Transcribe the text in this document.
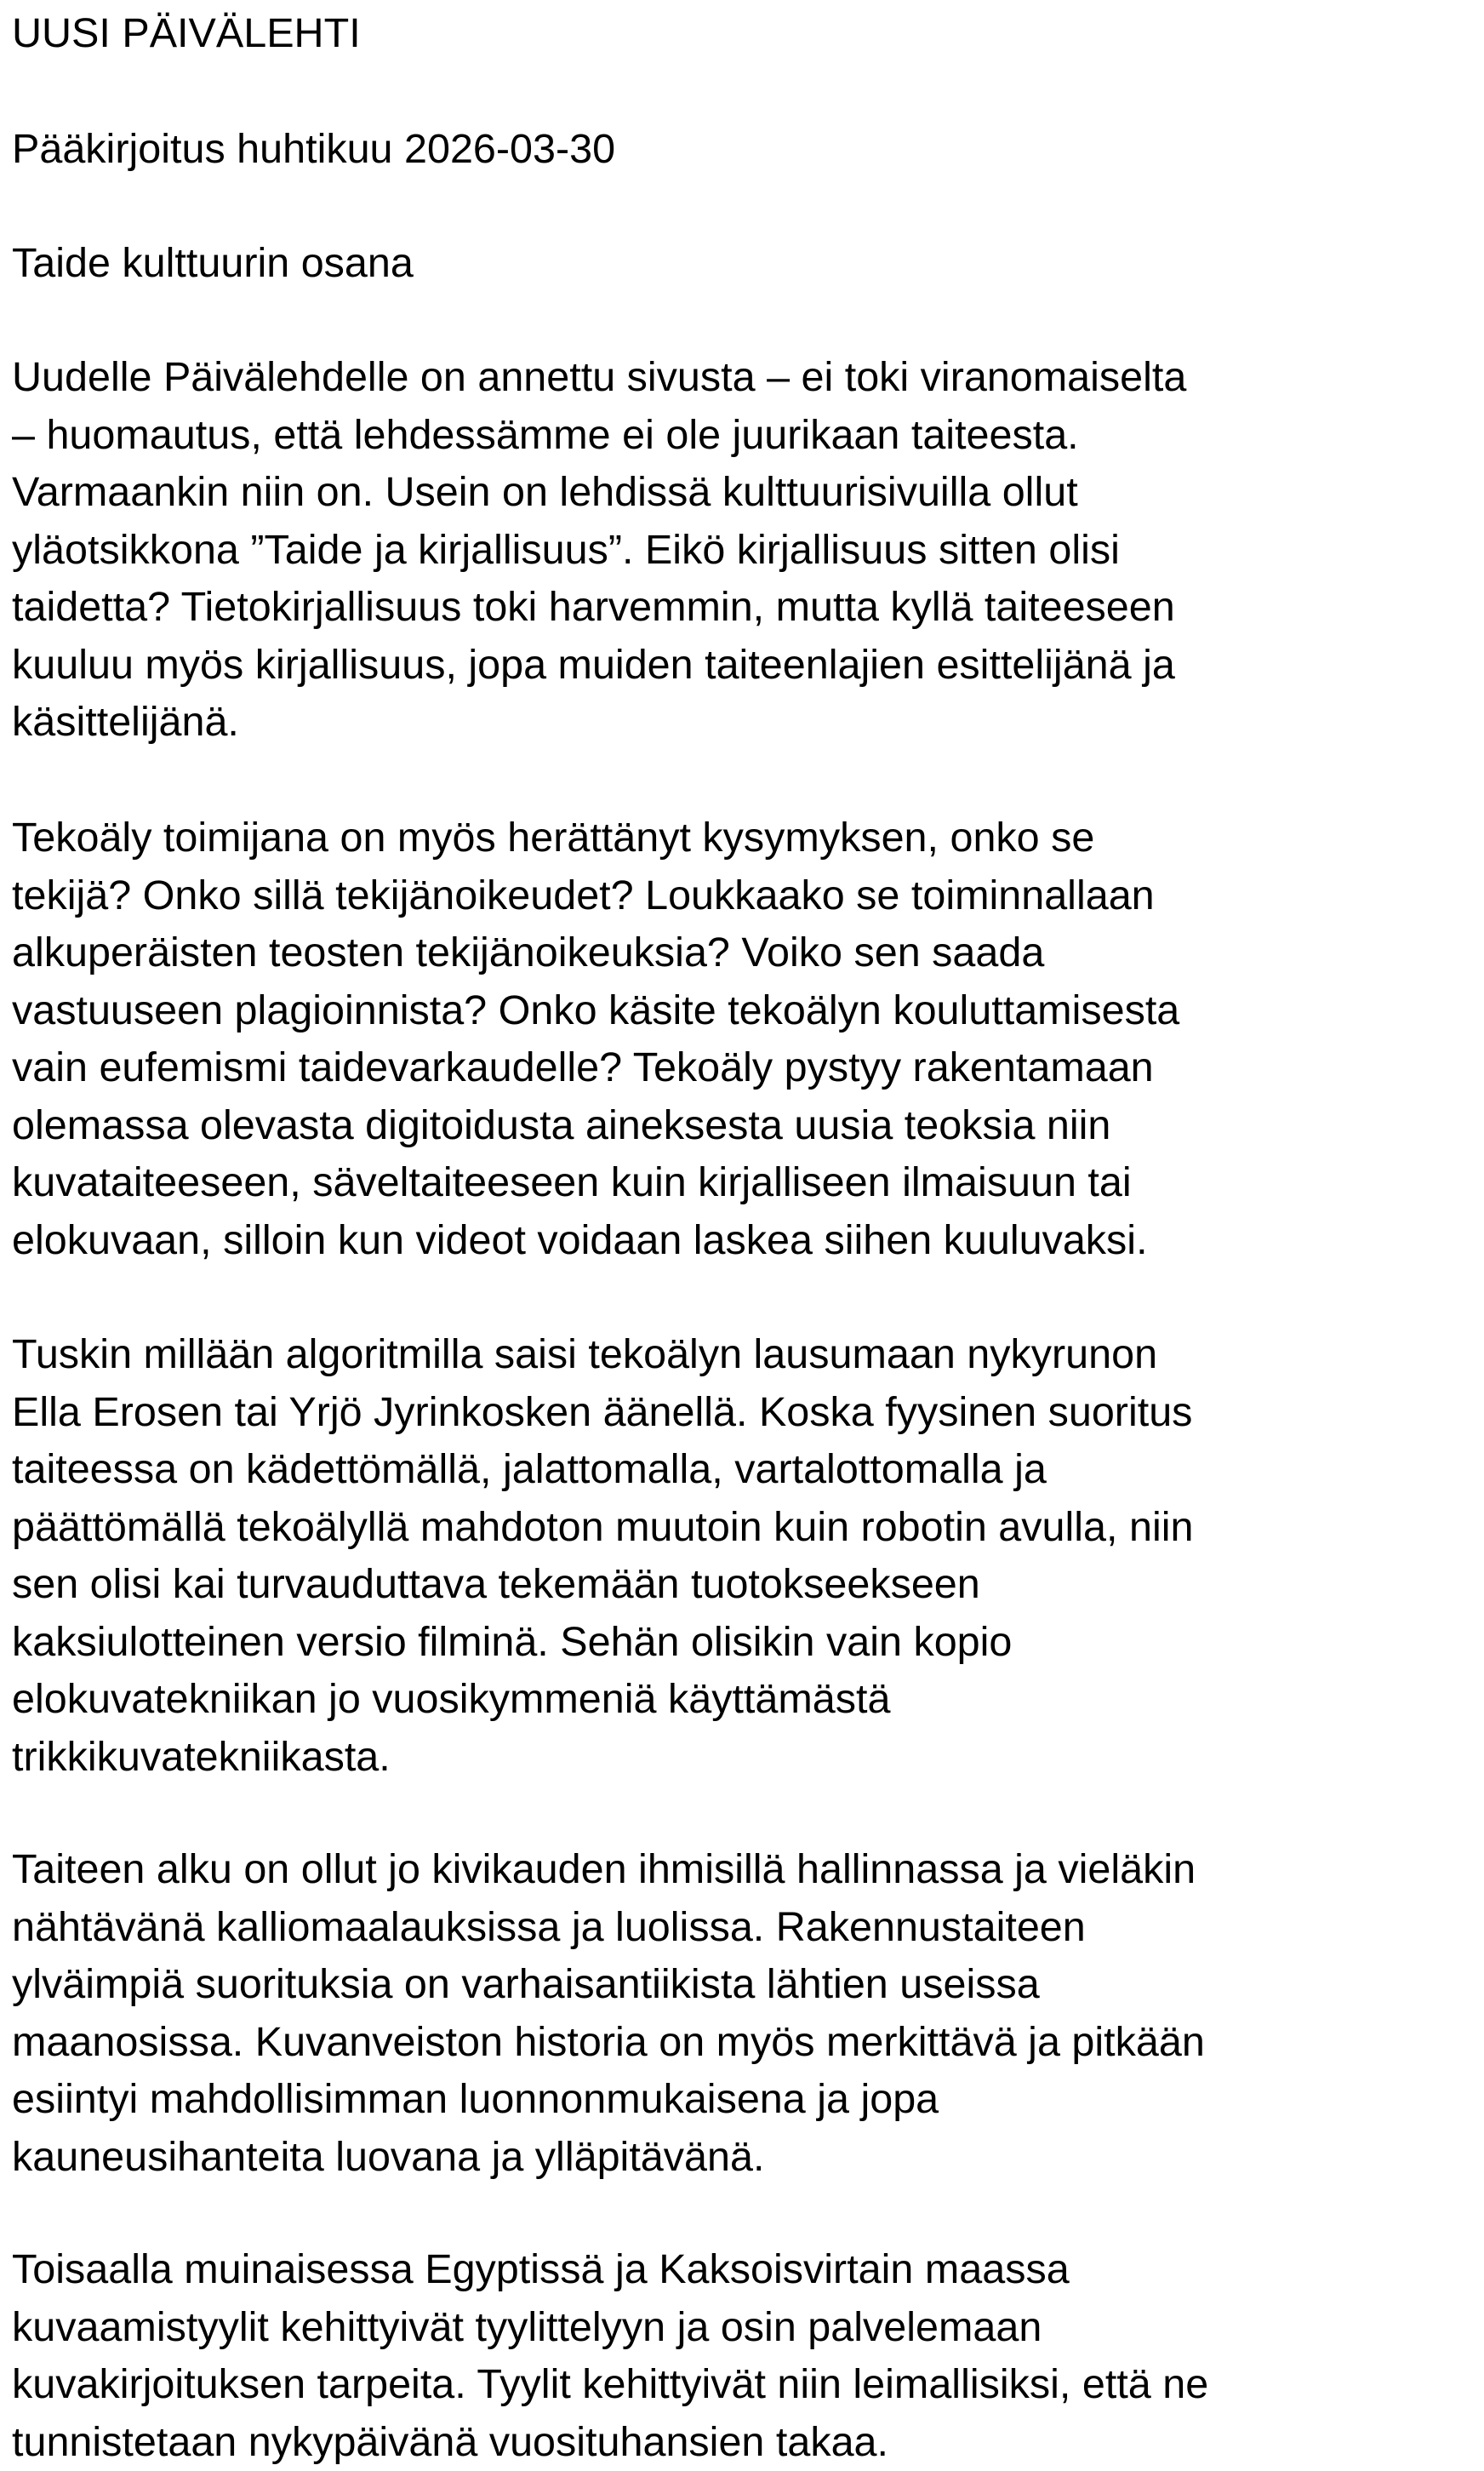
UUSI PÄIVÄLEHTI
Pääkirjoitus huhtikuu 2026-03-30
Taide kulttuurin osana
Uudelle Päivälehdelle on annettu sivusta – ei toki viranomaiselta
– huomautus, että lehdessämme ei ole juurikaan taiteesta.
Varmaankin niin on. Usein on lehdissä kulttuurisivuilla ollut
yläotsikkona ”Taide ja kirjallisuus”. Eikö kirjallisuus sitten olisi
taidetta? Tietokirjallisuus toki harvemmin, mutta kyllä taiteeseen
kuuluu myös kirjallisuus, jopa muiden taiteenlajien esittelijänä ja
käsittelijänä.
Tekoäly toimijana on myös herättänyt kysymyksen, onko se
tekijä? Onko sillä tekijänoikeudet? Loukkaako se toiminnallaan
alkuperäisten teosten tekijänoikeuksia? Voiko sen saada
vastuuseen plagioinnista? Onko käsite tekoälyn kouluttamisesta
vain eufemismi taidevarkaudelle? Tekoäly pystyy rakentamaan
olemassa olevasta digitoidusta aineksesta uusia teoksia niin
kuvataiteeseen, säveltaiteeseen kuin kirjalliseen ilmaisuun tai
elokuvaan, silloin kun videot voidaan laskea siihen kuuluvaksi.
Tuskin millään algoritmilla saisi tekoälyn lausumaan nykyrunon
Ella Erosen tai Yrjö Jyrinkosken äänellä. Koska fyysinen suoritus
taiteessa on kädettömällä, jalattomalla, vartalottomalla ja
päättömällä tekoälyllä mahdoton muutoin kuin robotin avulla, niin
sen olisi kai turvauduttava tekemään tuotokseekseen
kaksiulotteinen versio filminä. Sehän olisikin vain kopio
elokuvatekniikan jo vuosikymmeniä käyttämästä
trikkikuvatekniikasta.
Taiteen alku on ollut jo kivikauden ihmisillä hallinnassa ja vieläkin
nähtävänä kalliomaalauksissa ja luolissa. Rakennustaiteen
ylväimpiä suorituksia on varhaisantiikista lähtien useissa
maanosissa. Kuvanveiston historia on myös merkittävä ja pitkään
esiintyi mahdollisimman luonnonmukaisena ja jopa
kauneusihanteita luovana ja ylläpitävänä.
Toisaalla muinaisessa Egyptissä ja Kaksoisvirtain maassa
kuvaamistyylit kehittyivät tyylittelyyn ja osin palvelemaan
kuvakirjoituksen tarpeita. Tyylit kehittyivät niin leimallisiksi, että ne
tunnistetaan nykypäivänä vuosituhansien takaa.
